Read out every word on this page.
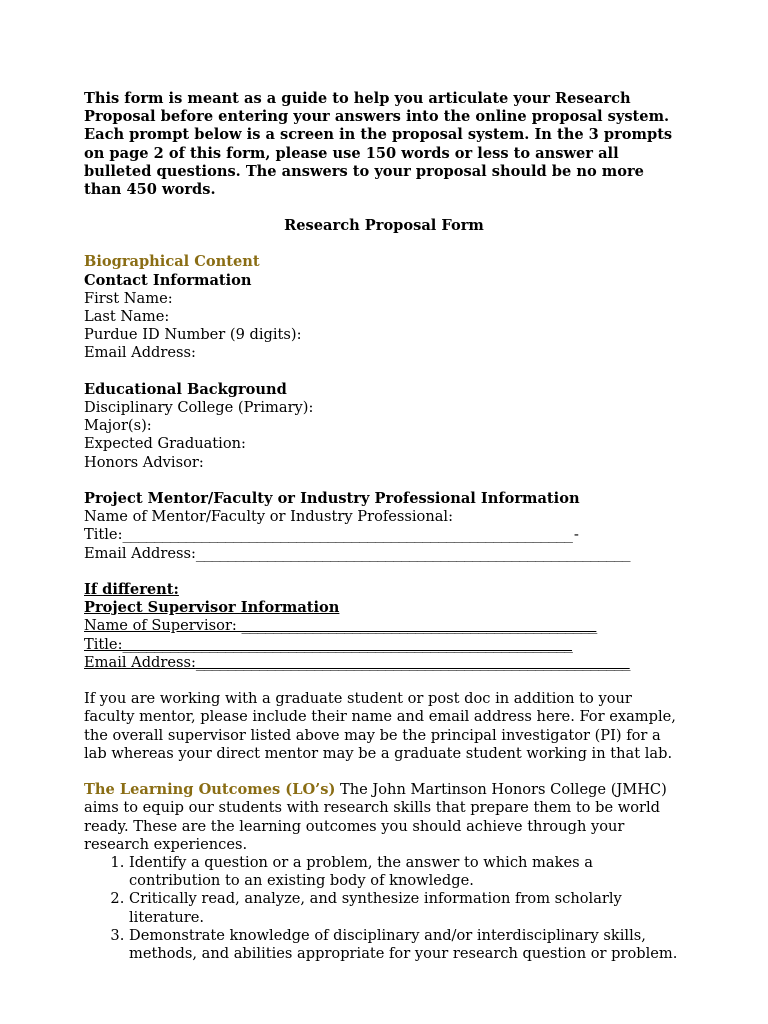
This form is meant as a guide to help you articulate your Research Proposal before entering your answers into the online proposal system. Each prompt below is a screen in the proposal system. In the 3 prompts on page 2 of this form, please use 150 words or less to answer all bulleted questions. The answers to your proposal should be no more than 450 words.

Research Proposal Form
Biographical Content
Contact Information
First Name:
Last Name:
Purdue ID Number (9 digits):
Email Address:
Educational Background
Disciplinary College (Primary):
Major(s):
Expected Graduation:
Honors Advisor:
Project Mentor/Faculty or Industry Professional Information
Name of Mentor/Faculty or Industry Professional:
Title:_________________________________________________________-
Email Address:_______________________________________________________
If different:
Project Supervisor Information
Name of Supervisor: _____________________________________________
Title:_________________________________________________________
Email Address:_______________________________________________________

If you are working with a graduate student or post doc in addition to your faculty mentor, please include their name and email address here. For example, the overall supervisor listed above may be the principal investigator (PI) for a lab whereas your direct mentor may be a graduate student working in that lab.

The Learning Outcomes (LO’s) The John Martinson Honors College (JMHC) aims to equip our students with research skills that prepare them to be world ready. These are the learning outcomes you should achieve through your research experiences.

1. Identify a question or a problem, the answer to which makes a contribution to an existing body of knowledge.
2. Critically read, analyze, and synthesize information from scholarly literature.
3. Demonstrate knowledge of disciplinary and/or interdisciplinary skills, methods, and abilities appropriate for your research question or problem.
